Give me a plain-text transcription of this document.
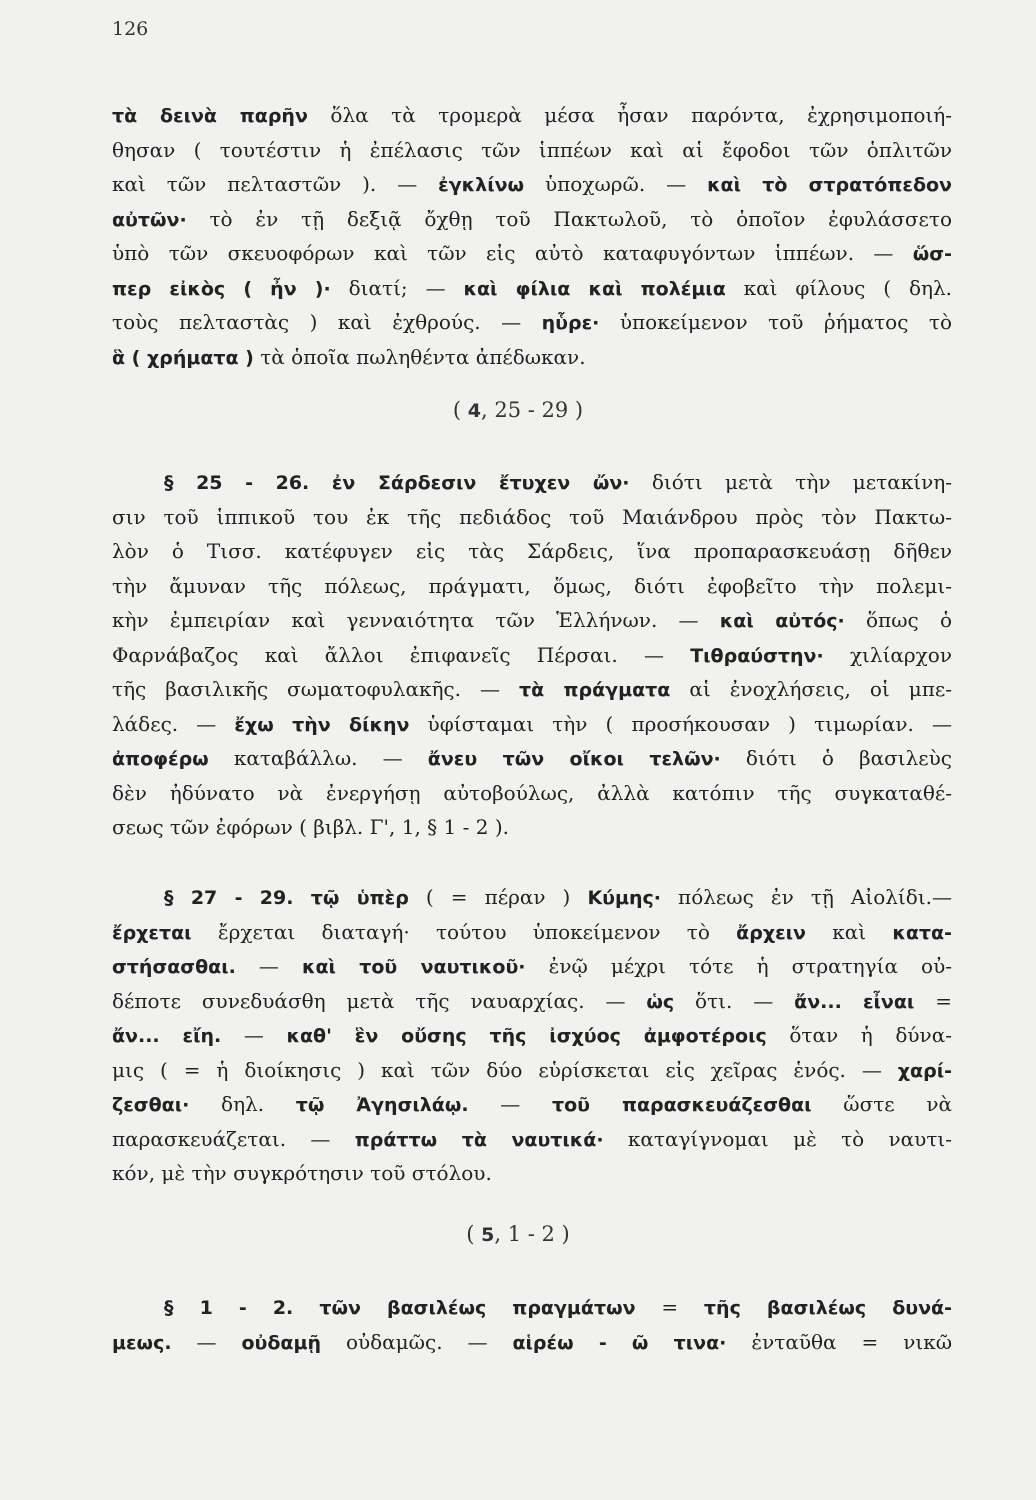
126
τὰ δεινὰ παρῆν ὅλα τὰ τρομερὰ μέσα ἦσαν παρόντα, ἐχρησιμοποιή-
θησαν ( τουτέστιν ἡ ἐπέλασις τῶν ἱππέων καὶ αἱ ἔφοδοι τῶν ὁπλιτῶν
καὶ τῶν πελταστῶν ). — ἐγκλίνω ὑποχωρῶ. — καὶ τὸ στρατόπεδον
αὐτῶν· τὸ ἐν τῇ δεξιᾷ ὄχθῃ τοῦ Πακτωλοῦ, τὸ ὁποῖον ἐφυλάσσετο
ὑπὸ τῶν σκευοφόρων καὶ τῶν εἰς αὐτὸ καταφυγόντων ἱππέων. — ὥσ-
περ εἰκὸς ( ἦν )· διατί; — καὶ φίλια καὶ πολέμια καὶ φίλους ( δηλ.
τοὺς πελταστὰς ) καὶ ἐχθρούς. — ηὗρε· ὑποκείμενον τοῦ ῥήματος τὸ
ἃ ( χρήματα ) τὰ ὁποῖα πωληθέντα ἀπέδωκαν.
( 4, 25 - 29 )
§ 25 - 26. ἐν Σάρδεσιν ἔτυχεν ὤν· διότι μετὰ τὴν μετακίνη-
σιν τοῦ ἱππικοῦ του ἐκ τῆς πεδιάδος τοῦ Μαιάνδρου πρὸς τὸν Πακτω-
λὸν ὁ Τισσ. κατέφυγεν εἰς τὰς Σάρδεις, ἵνα προπαρασκευάσῃ δῆθεν
τὴν ἄμυναν τῆς πόλεως, πράγματι, ὅμως, διότι ἐφοβεῖτο τὴν πολεμι-
κὴν ἐμπειρίαν καὶ γενναιότητα τῶν Ἑλλήνων. — καὶ αὐτός· ὅπως ὁ
Φαρνάβαζος καὶ ἄλλοι ἐπιφανεῖς Πέρσαι. — Τιθραύστην· χιλίαρχον
τῆς βασιλικῆς σωματοφυλακῆς. — τὰ πράγματα αἱ ἐνοχλήσεις, οἱ μπε-
λάδες. — ἔχω τὴν δίκην ὑφίσταμαι τὴν ( προσήκουσαν ) τιμωρίαν. —
ἀποφέρω καταβάλλω. — ἄνευ τῶν οἴκοι τελῶν· διότι ὁ βασιλεὺς
δὲν ἠδύνατο νὰ ἐνεργήσῃ αὐτοβούλως, ἀλλὰ κατόπιν τῆς συγκαταθέ-
σεως τῶν ἐφόρων ( βιβλ. Γ', 1, § 1 - 2 ).
§ 27 - 29. τῷ ὑπὲρ ( = πέραν ) Κύμης· πόλεως ἐν τῇ Αἰολίδι.—
ἔρχεται ἔρχεται διαταγή· τούτου ὑποκείμενον τὸ ἄρχειν καὶ κατα-
στήσασθαι. — καὶ τοῦ ναυτικοῦ· ἐνῷ μέχρι τότε ἡ στρατηγία οὐ-
δέποτε συνεδυάσθη μετὰ τῆς ναυαρχίας. — ὡς ὅτι. — ἄν... εἶναι =
ἄν... εἴη. — καθ' ἓν οὔσης τῆς ἰσχύος ἀμφοτέροις ὅταν ἡ δύνα-
μις ( = ἡ διοίκησις ) καὶ τῶν δύο εὑρίσκεται εἰς χεῖρας ἑνός. — χαρί-
ζεσθαι· δηλ. τῷ Ἀγησιλάῳ. — τοῦ παρασκευάζεσθαι ὥστε νὰ
παρασκευάζεται. — πράττω τὰ ναυτικά· καταγίγνομαι μὲ τὸ ναυτι-
κόν, μὲ τὴν συγκρότησιν τοῦ στόλου.
( 5, 1 - 2 )
§ 1 - 2. τῶν βασιλέως πραγμάτων = τῆς βασιλέως δυνά-
μεως. — οὐδαμῇ οὐδαμῶς. — αἱρέω - ῶ τινα· ἐνταῦθα = νικῶ
